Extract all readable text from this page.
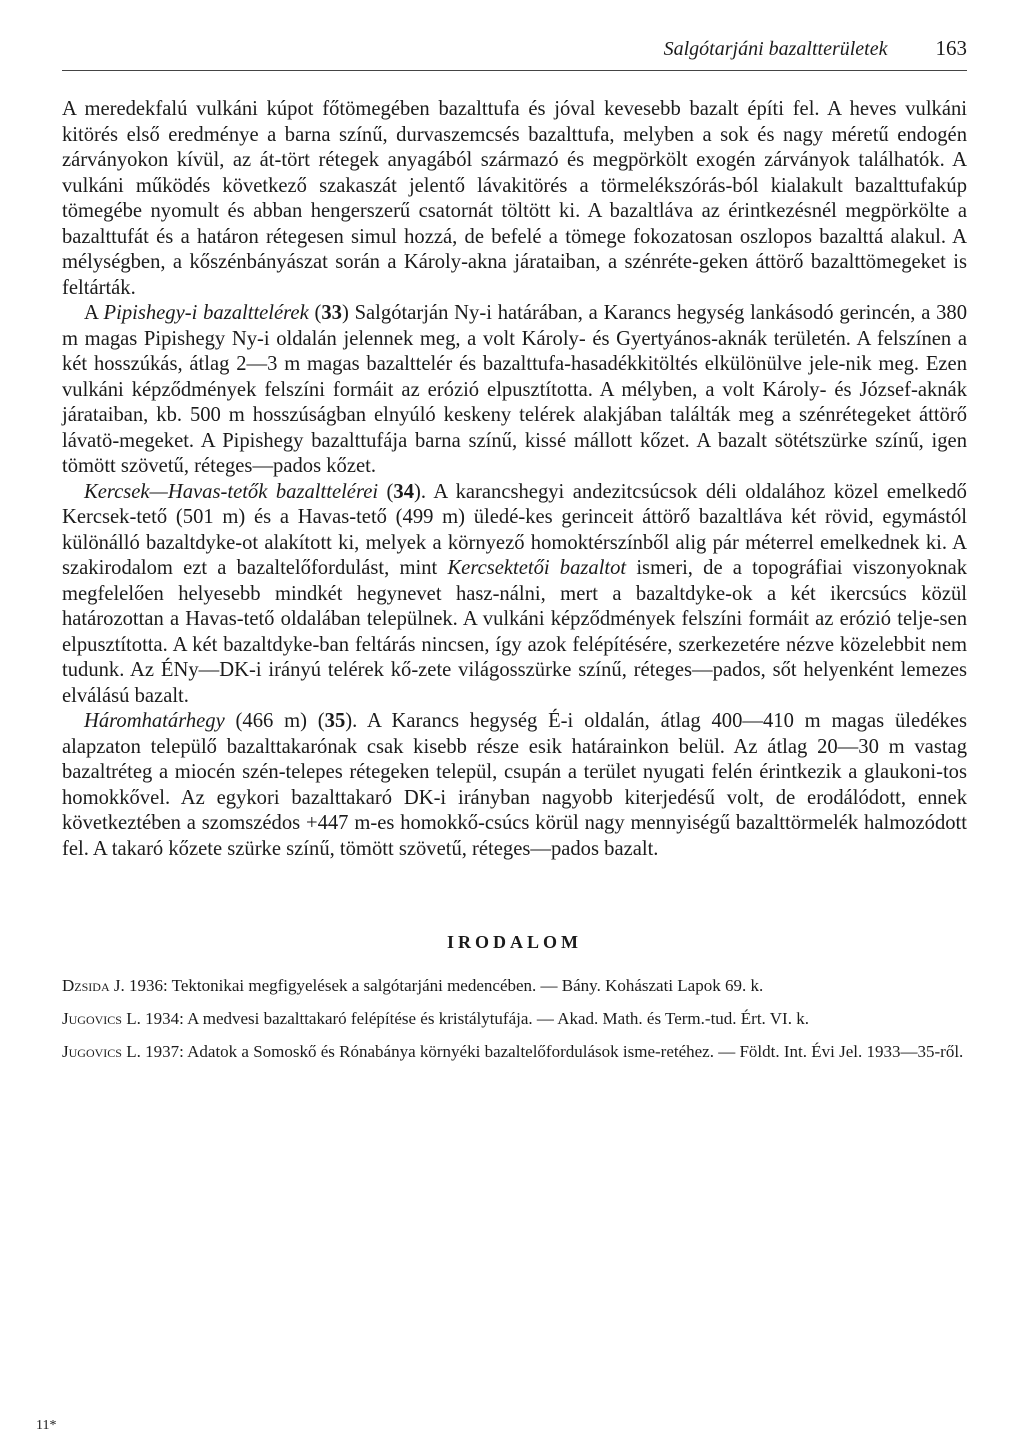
Salgótarjáni bazaltterületek 163

A meredekfalú vulkáni kúpot főtömegében bazalttufa és jóval kevesebb bazalt építi fel. A heves vulkáni kitörés első eredménye a barna színű, durvaszemcsés bazalttufa, melyben a sok és nagy méretű endogén zárványokon kívül, az át-tört rétegek anyagából származó és megpörkölt exogén zárványok találhatók. A vulkáni működés következő szakaszát jelentő lávakitörés a törmelékszórás-ból kialakult bazalttufakúp tömegébe nyomult és abban hengerszerű csatornát töltött ki. A bazaltláva az érintkezésnél megpörkölte a bazalttufát és a határon rétegesen simul hozzá, de befelé a tömege fokozatosan oszlopos bazalttá alakul. A mélységben, a kőszénbányászat során a Károly-akna járataiban, a szénréte-geken áttörő bazalttömegeket is feltárták.

A Pipishegy-i bazalttelérek (33) Salgótarján Ny-i határában, a Karancs hegység lankásodó gerincén, a 380 m magas Pipishegy Ny-i oldalán jelennek meg, a volt Károly- és Gyertyános-aknák területén. A felszínen a két hosszúkás, átlag 2—3 m magas bazalttelér és bazalttufa-hasadékkitöltés elkülönülve jele-nik meg. Ezen vulkáni képződmények felszíni formáit az erózió elpusztította. A mélyben, a volt Károly- és József-aknák járataiban, kb. 500 m hosszúságban elnyúló keskeny telérek alakjában találták meg a szénrétegeket áttörő lávatö-megeket. A Pipishegy bazalttufája barna színű, kissé mállott kőzet. A bazalt sötétszürke színű, igen tömött szövetű, réteges—pados kőzet.

Kercsek—Havas-tetők bazalttelérei (34). A karancshegyi andezitcsúcsok déli oldalához közel emelkedő Kercsek-tető (501 m) és a Havas-tető (499 m) üledé-kes gerinceit áttörő bazaltláva két rövid, egymástól különálló bazaltdyke-ot alakított ki, melyek a környező homoktérszínből alig pár méterrel emelkednek ki. A szakirodalom ezt a bazaltelőfordulást, mint Kercsektetői bazaltot ismeri, de a topográfiai viszonyoknak megfelelően helyesebb mindkét hegynevet hasz-nálni, mert a bazaltdyke-ok a két ikercsúcs közül határozottan a Havas-tető oldalában települnek. A vulkáni képződmények felszíni formáit az erózió telje-sen elpusztította. A két bazaltdyke-ban feltárás nincsen, így azok felépítésére, szerkezetére nézve közelebbit nem tudunk. Az ÉNy—DK-i irányú telérek kő-zete világosszürke színű, réteges—pados, sőt helyenként lemezes elválású bazalt.

Háromhatárhegy (466 m) (35). A Karancs hegység É-i oldalán, átlag 400—410 m magas üledékes alapzaton települő bazalttakarónak csak kisebb része esik határainkon belül. Az átlag 20—30 m vastag bazaltréteg a miocén szén-telepes rétegeken települ, csupán a terület nyugati felén érintkezik a glaukoni-tos homokkővel. Az egykori bazalttakaró DK-i irányban nagyobb kiterjedésű volt, de erodálódott, ennek következtében a szomszédos +447 m-es homokkő-csúcs körül nagy mennyiségű bazalttörmelék halmozódott fel. A takaró kőzete szürke színű, tömött szövetű, réteges—pados bazalt.

IRODALOM

Dzsida J. 1936: Tektonikai megfigyelések a salgótarjáni medencében. — Bány. Kohászati Lapok 69. k.

Jugovics L. 1934: A medvesi bazalttakaró felépítése és kristálytufája. — Akad. Math. és Term.-tud. Ért. VI. k.

Jugovics L. 1937: Adatok a Somoskő és Rónabánya környéki bazaltelőfordulások isme-retéhez. — Földt. Int. Évi Jel. 1933—35-ről.

11*
